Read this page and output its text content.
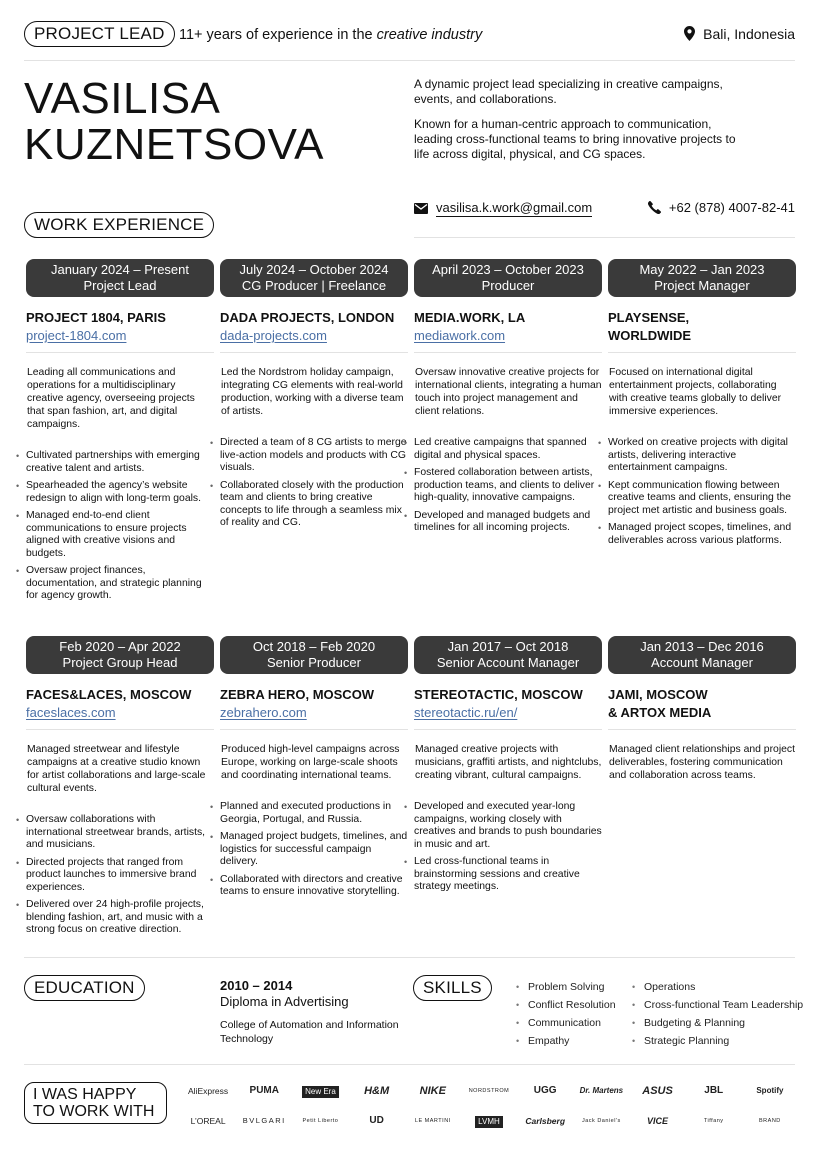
PROJECT LEAD 11+ years of experience in the creative industry	Bali, Indonesia
VASILISA
KUZNETSOVA

A dynamic project lead specializing in creative campaigns, events, and collaborations.

Known for a human-centric approach to communication, leading cross-functional teams to bring innovative projects to life across digital, physical, and CG spaces.

vasilisa.k.work@gmail.com	+62 (878) 4007-82-41
WORK EXPERIENCE
January 2024 – Present
Project Lead
PROJECT 1804, PARIS
project-1804.com
Leading all communications and operations for a multidisciplinary creative agency, overseeing projects that span fashion, art, and digital campaigns.
• Cultivated partnerships with emerging creative talent and artists.
• Spearheaded the agency’s website redesign to align with long-term goals.
• Managed end-to-end client communications to ensure projects aligned with creative visions and budgets.
• Oversaw project finances, documentation, and strategic planning for agency growth.
July 2024 – October 2024
CG Producer | Freelance
DADA PROJECTS, LONDON
dada-projects.com
Led the Nordstrom holiday campaign, integrating CG elements with real-world production, working with a diverse team of artists.
• Directed a team of 8 CG artists to merge live-action models and products with CG visuals.
• Collaborated closely with the production team and clients to bring creative concepts to life through a seamless mix of reality and CG.
April 2023 – October 2023
Producer
MEDIA.WORK, LA
mediawork.com
Oversaw innovative creative projects for international clients, integrating a human touch into project management and client relations.
• Led creative campaigns that spanned digital and physical spaces.
• Fostered collaboration between artists, production teams, and clients to deliver high-quality, innovative campaigns.
• Developed and managed budgets and timelines for all incoming projects.
May 2022 – Jan 2023
Project Manager
PLAYSENSE, WORLDWIDE
Focused on international digital entertainment projects, collaborating with creative teams globally to deliver immersive experiences.
• Worked on creative projects with digital artists, delivering interactive entertainment campaigns.
• Kept communication flowing between creative teams and clients, ensuring the project met artistic and business goals.
• Managed project scopes, timelines, and deliverables across various platforms.
Feb 2020 – Apr 2022
Project Group Head
FACES&LACES, MOSCOW
faceslaces.com
Managed streetwear and lifestyle campaigns at a creative studio known for artist collaborations and large-scale cultural events.
• Oversaw collaborations with international streetwear brands, artists, and musicians.
• Directed projects that ranged from product launches to immersive brand experiences.
• Delivered over 24 high-profile projects, blending fashion, art, and music with a strong focus on creative direction.
Oct 2018 – Feb 2020
Senior Producer
ZEBRA HERO, MOSCOW
zebrahero.com
Produced high-level campaigns across Europe, working on large-scale shoots and coordinating international teams.
• Planned and executed productions in Georgia, Portugal, and Russia.
• Managed project budgets, timelines, and logistics for successful campaign delivery.
• Collaborated with directors and creative teams to ensure innovative storytelling.
Jan 2017 – Oct 2018
Senior Account Manager
STEREOTACTIC, MOSCOW
stereotactic.ru/en/
Managed creative projects with musicians, graffiti artists, and nightclubs, creating vibrant, cultural campaigns.
• Developed and executed year-long campaigns, working closely with creatives and brands to push boundaries in music and art.
• Led cross-functional teams in brainstorming sessions and creative strategy meetings.
Jan 2013 – Dec 2016
Account Manager
JAMI, MOSCOW & ARTOX MEDIA
Managed client relationships and project deliverables, fostering communication and collaboration across teams.
EDUCATION	2010 – 2014
Diploma in Advertising
College of Automation and Information Technology
SKILLS
•	Problem Solving
• Conflict Resolution
• Communication
• Empathy
• Operations
• Cross-functional Team Leadership
• Budgeting & Planning
• Strategic Planning
I WAS HAPPY TO WORK WITH
AliExpress	PUMA	New Era	H&M	NIKE	NORDSTROM	UGG	Dr. Martens	ASUS	JBL	Spotify
L’OREAL	BVLGARI	Petit Liberto	UD	LE MARTINI	LVMH	Carlsberg	Jack Daniel's	VICE	Tiffany	BRAND
